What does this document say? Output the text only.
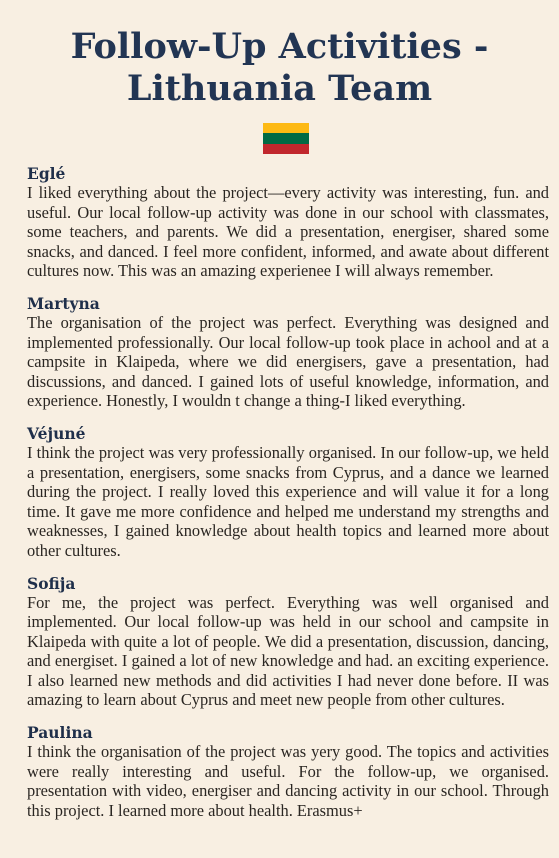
Follow-Up Activities - Lithuania Team

Eglé

I liked everything about the project—every activity was interesting, fun. and useful. Our local follow-up activity was done in our school with classmates, some teachers, and parents. We did a presentation, energiser, shared some snacks, and danced. I feel more confident, informed, and awate about different cultures now. This was an amazing experienee I will always remember.

Martyna

The organisation of the project was perfect. Everything was designed and implemented professionally. Our local follow-up took place in achool and at a campsite in Klaipeda, where we did energisers, gave a presentation, had discussions, and danced. I gained lots of useful knowledge, information, and experience. Honestly, I wouldn t change a thing-I liked everything.

Véjuné

I think the project was very professionally organised. In our follow-up, we held a presentation, energisers, some snacks from Cyprus, and a dance we learned during the project. I really loved this experience and will value it for a long time. It gave me more confidence and helped me understand my strengths and weaknesses, I gained knowledge about health topics and learned more about other cultures.

Sofija

For me, the project was perfect. Everything was well organised and implemented. Our local follow-up was held in our school and campsite in Klaipeda with quite a lot of people. We did a presentation, discussion, dancing, and energiset. I gained a lot of new knowledge and had. an exciting experience. I also learned new methods and did activities I had never done before. II was amazing to learn about Cyprus and meet new people from other cultures.

Paulina

I think the organisation of the project was yery good. The topics and activities were really interesting and useful. For the follow-up, we organised. presentation with video, energiser and dancing activity in our school. Through this project. I learned more about health. Erasmus+
